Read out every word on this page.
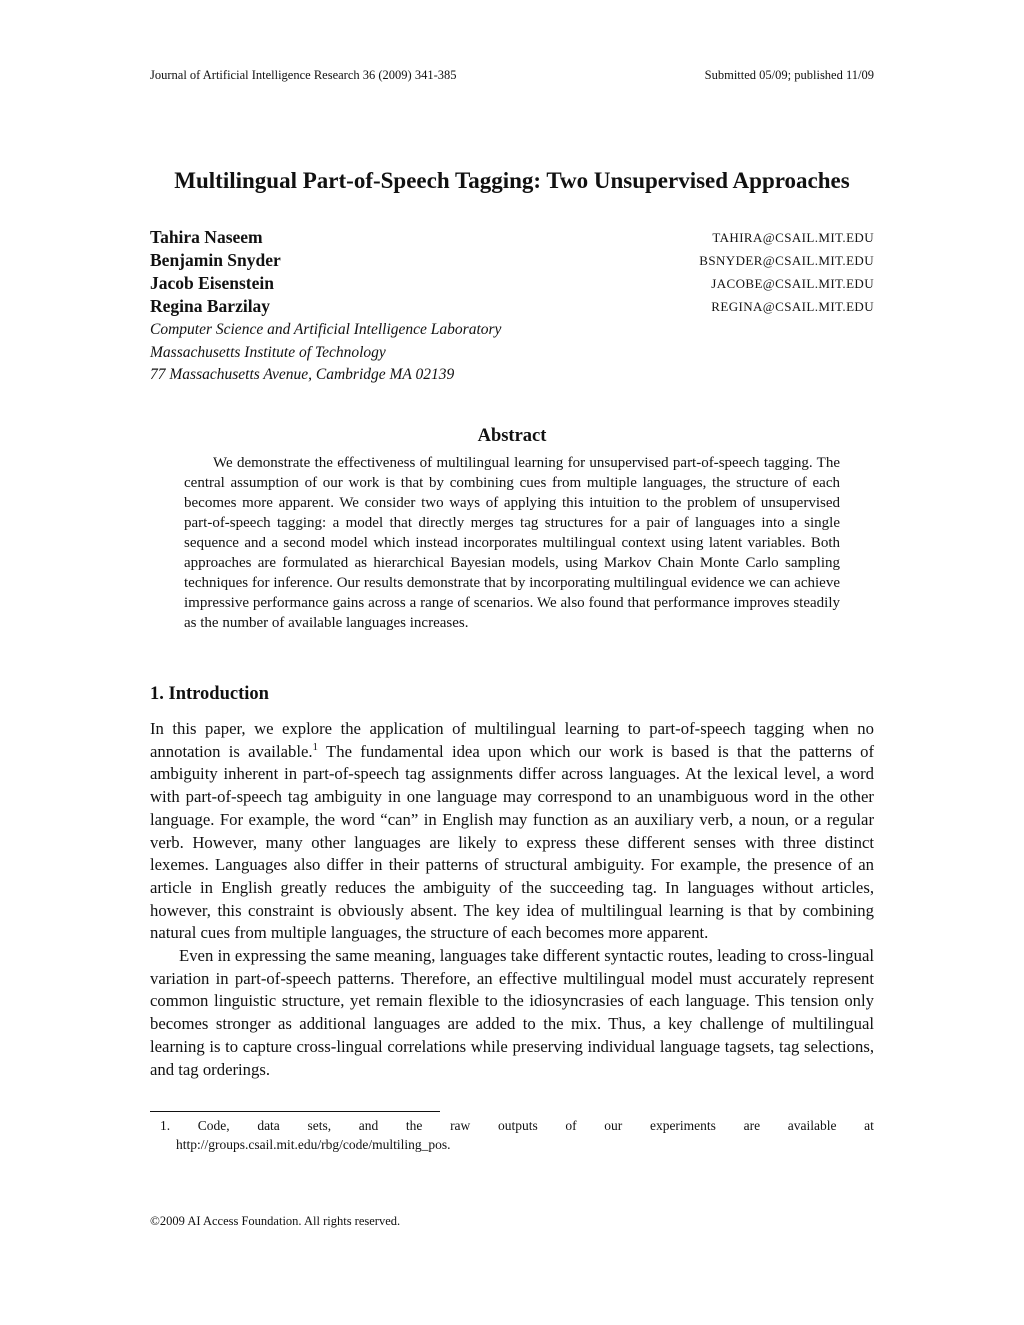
Journal of Artificial Intelligence Research 36 (2009) 341-385	Submitted 05/09; published 11/09
Multilingual Part-of-Speech Tagging: Two Unsupervised Approaches
Tahira Naseem	TAHIRA@CSAIL.MIT.EDU
Benjamin Snyder	BSNYDER@CSAIL.MIT.EDU
Jacob Eisenstein	JACOBE@CSAIL.MIT.EDU
Regina Barzilay	REGINA@CSAIL.MIT.EDU
Computer Science and Artificial Intelligence Laboratory
Massachusetts Institute of Technology
77 Massachusetts Avenue, Cambridge MA 02139
Abstract

We demonstrate the effectiveness of multilingual learning for unsupervised part-of-speech tagging. The central assumption of our work is that by combining cues from multiple languages, the structure of each becomes more apparent. We consider two ways of applying this intuition to the problem of unsupervised part-of-speech tagging: a model that directly merges tag structures for a pair of languages into a single sequence and a second model which instead incorporates multilingual context using latent variables. Both approaches are formulated as hierarchical Bayesian models, using Markov Chain Monte Carlo sampling techniques for inference. Our results demonstrate that by incorporating multilingual evidence we can achieve impressive performance gains across a range of scenarios. We also found that performance improves steadily as the number of available languages increases.

1. Introduction

In this paper, we explore the application of multilingual learning to part-of-speech tagging when no annotation is available.$^1$ The fundamental idea upon which our work is based is that the patterns of ambiguity inherent in part-of-speech tag assignments differ across languages. At the lexical level, a word with part-of-speech tag ambiguity in one language may correspond to an unambiguous word in the other language. For example, the word “can” in English may function as an auxiliary verb, a noun, or a regular verb. However, many other languages are likely to express these different senses with three distinct lexemes. Languages also differ in their patterns of structural ambiguity. For example, the presence of an article in English greatly reduces the ambiguity of the succeeding tag. In languages without articles, however, this constraint is obviously absent. The key idea of multilingual learning is that by combining natural cues from multiple languages, the structure of each becomes more apparent.

Even in expressing the same meaning, languages take different syntactic routes, leading to cross-lingual variation in part-of-speech patterns. Therefore, an effective multilingual model must accurately represent common linguistic structure, yet remain flexible to the idiosyncrasies of each language. This tension only becomes stronger as additional languages are added to the mix. Thus, a key challenge of multilingual learning is to capture cross-lingual correlations while preserving individual language tagsets, tag selections, and tag orderings.

1. Code, data sets, and the raw outputs of our experiments are available at
http://groups.csail.mit.edu/rbg/code/multiling_pos.
©2009 AI Access Foundation. All rights reserved.
